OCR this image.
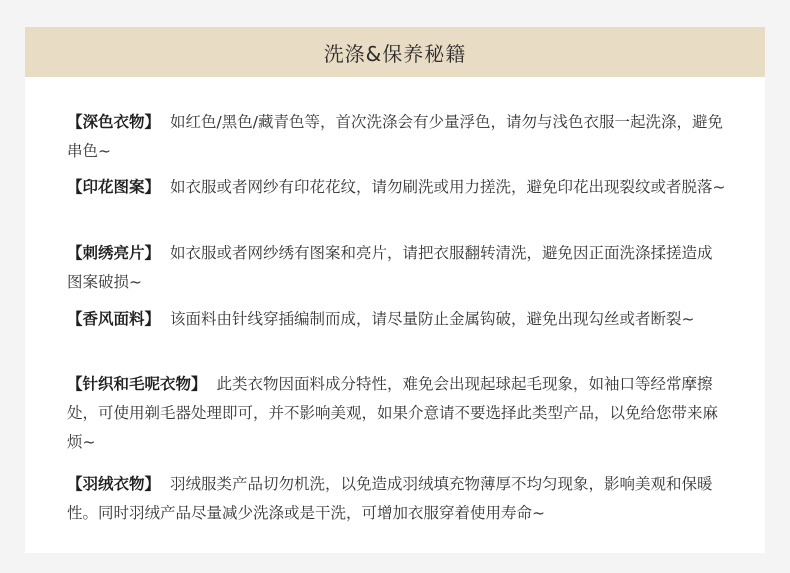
洗涤&保养秘籍
【深色衣物】 如红色/黑色/藏青色等，首次洗涤会有少量浮色，请勿与浅色衣服一起洗涤，避免串色~
【印花图案】 如衣服或者网纱有印花花纹，请勿刷洗或用力搓洗，避免印花出现裂纹或者脱落~
【刺绣亮片】 如衣服或者网纱绣有图案和亮片，请把衣服翻转清洗，避免因正面洗涤揉搓造成图案破损~
【香风面料】 该面料由针线穿插编制而成，请尽量防止金属钩破，避免出现勾丝或者断裂~
【针织和毛呢衣物】 此类衣物因面料成分特性，难免会出现起球起毛现象，如袖口等经常摩擦处，可使用剃毛器处理即可，并不影响美观，如果介意请不要选择此类型产品，以免给您带来麻烦~
【羽绒衣物】 羽绒服类产品切勿机洗，以免造成羽绒填充物薄厚不均匀现象，影响美观和保暖性。同时羽绒产品尽量减少洗涤或是干洗，可增加衣服穿着使用寿命~
